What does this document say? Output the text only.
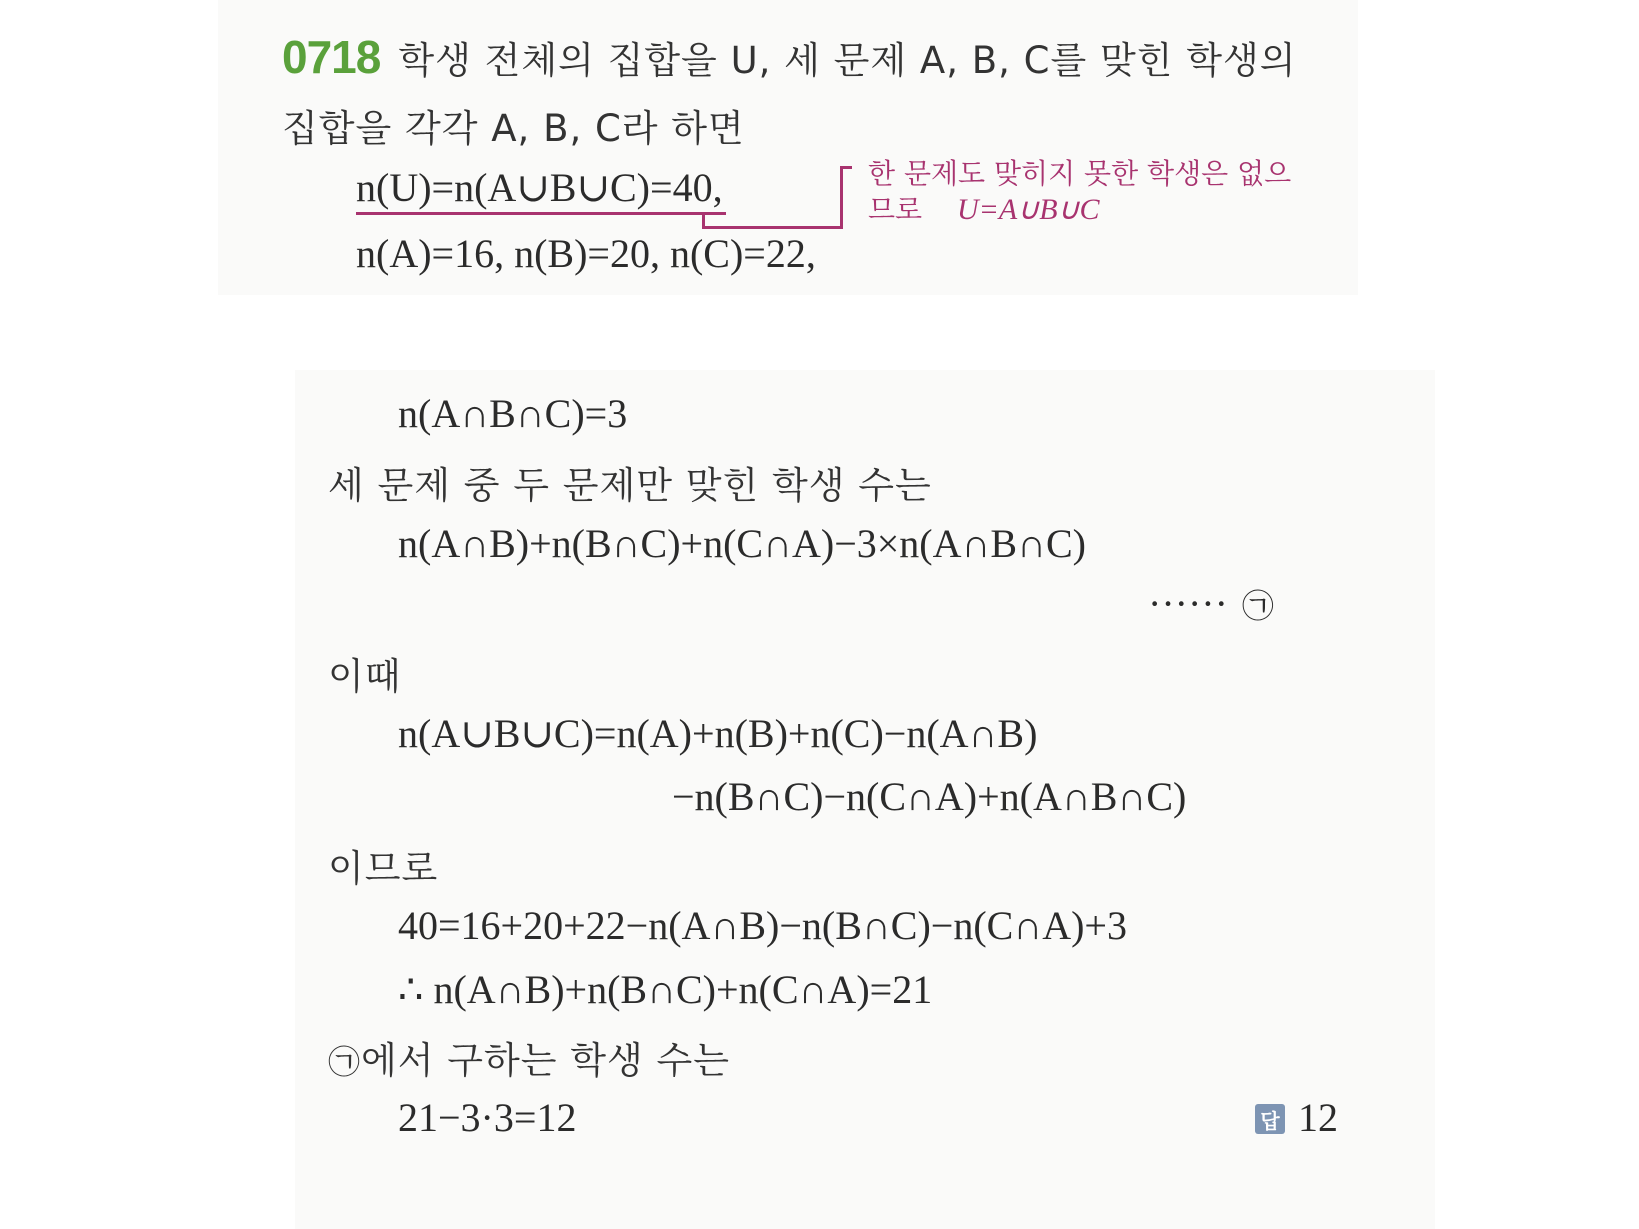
0718 학생 전체의 집합을 U, 세 문제 A, B, C를 맞힌 학생의
집합을 각각 A, B, C라 하면
n(U)=n(A∪B∪C)=40,	한 문제도 맞히지 못한 학생은 없으
므로 U=A∪B∪C
n(A)=16, n(B)=20, n(C)=22,
n(A∩B∩C)=3
세 문제 중 두 문제만 맞힌 학생 수는
n(A∩B)+n(B∩C)+n(C∩A)−3×n(A∩B∩C)
······ ㉠
이때
n(A∪B∪C)=n(A)+n(B)+n(C)−n(A∩B)
−n(B∩C)−n(C∩A)+n(A∩B∩C)
이므로
40=16+20+22−n(A∩B)−n(B∩C)−n(C∩A)+3
∴ n(A∩B)+n(B∩C)+n(C∩A)=21
㉠에서 구하는 학생 수는
21−3·3=12	답 12
